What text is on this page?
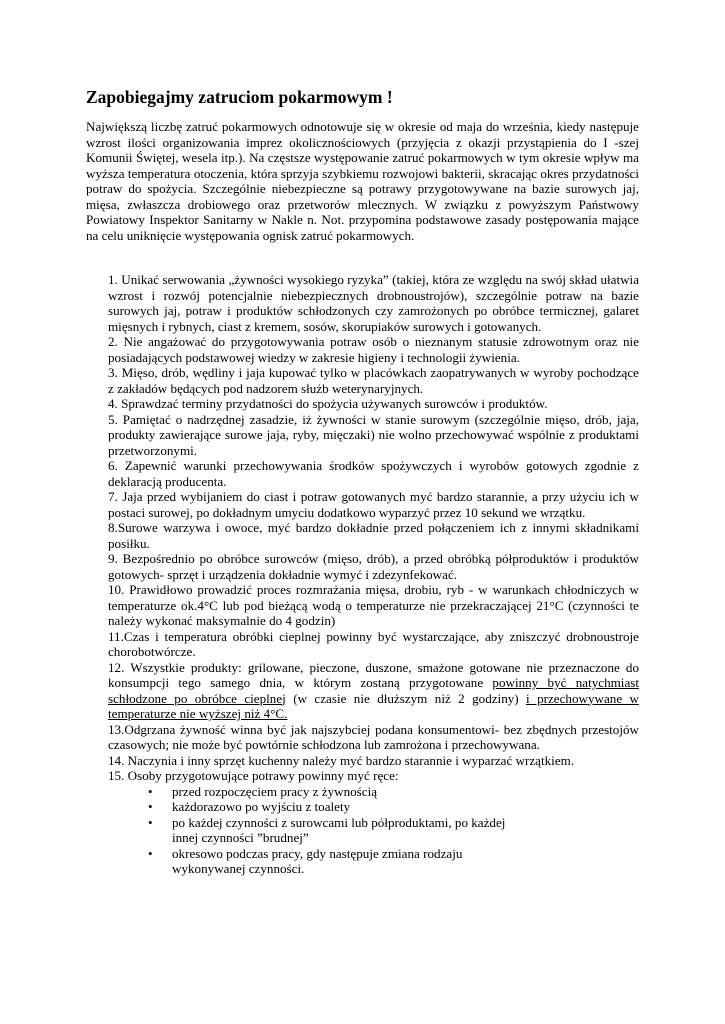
Zapobiegajmy zatruciom pokarmowym !

Największą liczbę zatruć pokarmowych odnotowuje się w okresie od maja do września, kiedy następuje wzrost ilości organizowania imprez okolicznościowych (przyjęcia z okazji przystąpienia do I -szej Komunii Świętej, wesela itp.). Na częstsze występowanie zatruć pokarmowych w tym okresie wpływ ma wyższa temperatura otoczenia, która sprzyja szybkiemu rozwojowi bakterii, skracając okres przydatności potraw do spożycia. Szczególnie niebezpieczne są potrawy przygotowywane na bazie surowych jaj, mięsa, zwłaszcza drobiowego oraz przetworów mlecznych. W związku z powyższym Państwowy Powiatowy Inspektor Sanitarny w Nakle n. Not. przypomina podstawowe zasady postępowania mające na celu uniknięcie występowania ognisk zatruć pokarmowych.

1. Unikać serwowania „żywności wysokiego ryzyka” (takiej, która ze względu na swój skład ułatwia wzrost i rozwój potencjalnie niebezpiecznych drobnoustrojów), szczególnie potraw na bazie surowych jaj, potraw i produktów schłodzonych czy zamrożonych po obróbce termicznej, galaret mięsnych i rybnych, ciast z kremem, sosów, skorupiaków surowych i gotowanych.
2. Nie angażować do przygotowywania potraw osób o nieznanym statusie zdrowotnym oraz nie posiadających podstawowej wiedzy w zakresie higieny i technologii żywienia.
3. Mięso, drób, wędliny i jaja kupować tylko w placówkach zaopatrywanych w wyroby pochodzące z zakładów będących pod nadzorem służb weterynaryjnych.
4. Sprawdzać terminy przydatności do spożycia używanych surowców i produktów.
5. Pamiętać o nadrzędnej zasadzie, iż żywności w stanie surowym (szczególnie mięso, drób, jaja, produkty zawierające surowe jaja, ryby, mięczaki) nie wolno przechowywać wspólnie z produktami przetworzonymi.
6. Zapewnić warunki przechowywania środków spożywczych i wyrobów gotowych zgodnie z deklaracją producenta.
7. Jaja przed wybijaniem do ciast i potraw gotowanych myć bardzo starannie, a przy użyciu ich w postaci surowej, po dokładnym umyciu dodatkowo wyparzyć przez 10 sekund we wrzątku.
8.Surowe warzywa i owoce, myć bardzo dokładnie przed połączeniem ich z innymi składnikami posiłku.
9. Bezpośrednio po obróbce surowców (mięso, drób), a przed obróbką półproduktów i produktów gotowych- sprzęt i urządzenia dokładnie wymyć i zdezynfekować.
10. Prawidłowo prowadzić proces rozmrażania mięsa, drobiu, ryb - w warunkach chłodniczych w temperaturze ok.4°C lub pod bieżącą wodą o temperaturze nie przekraczającej 21°C (czynności te należy wykonać maksymalnie do 4 godzin)
11.Czas i temperatura obróbki cieplnej powinny być wystarczające, aby zniszczyć drobnoustroje chorobotwórcze.
12. Wszystkie produkty: grilowane, pieczone, duszone, smażone gotowane nie przeznaczone do konsumpcji tego samego dnia, w którym zostaną przygotowane powinny być natychmiast schłodzone po obróbce cieplnej (w czasie nie dłuższym niż 2 godziny) i przechowywane w temperaturze nie wyższej niż 4°C.
13.Odgrzana żywność winna być jak najszybciej podana konsumentowi- bez zbędnych przestojów czasowych; nie może być powtórnie schłodzona lub zamrożona i przechowywana.
14. Naczynia i inny sprzęt kuchenny należy myć bardzo starannie i wyparzać wrzątkiem.
15. Osoby przygotowujące potrawy powinny myć ręce:
•	przed rozpoczęciem pracy z żywnością
•	każdorazowo po wyjściu z toalety
•	po każdej czynności z surowcami lub półproduktami, po każdej innej czynności ”brudnej”
•	okresowo podczas pracy, gdy następuje zmiana rodzaju wykonywanej czynności.
